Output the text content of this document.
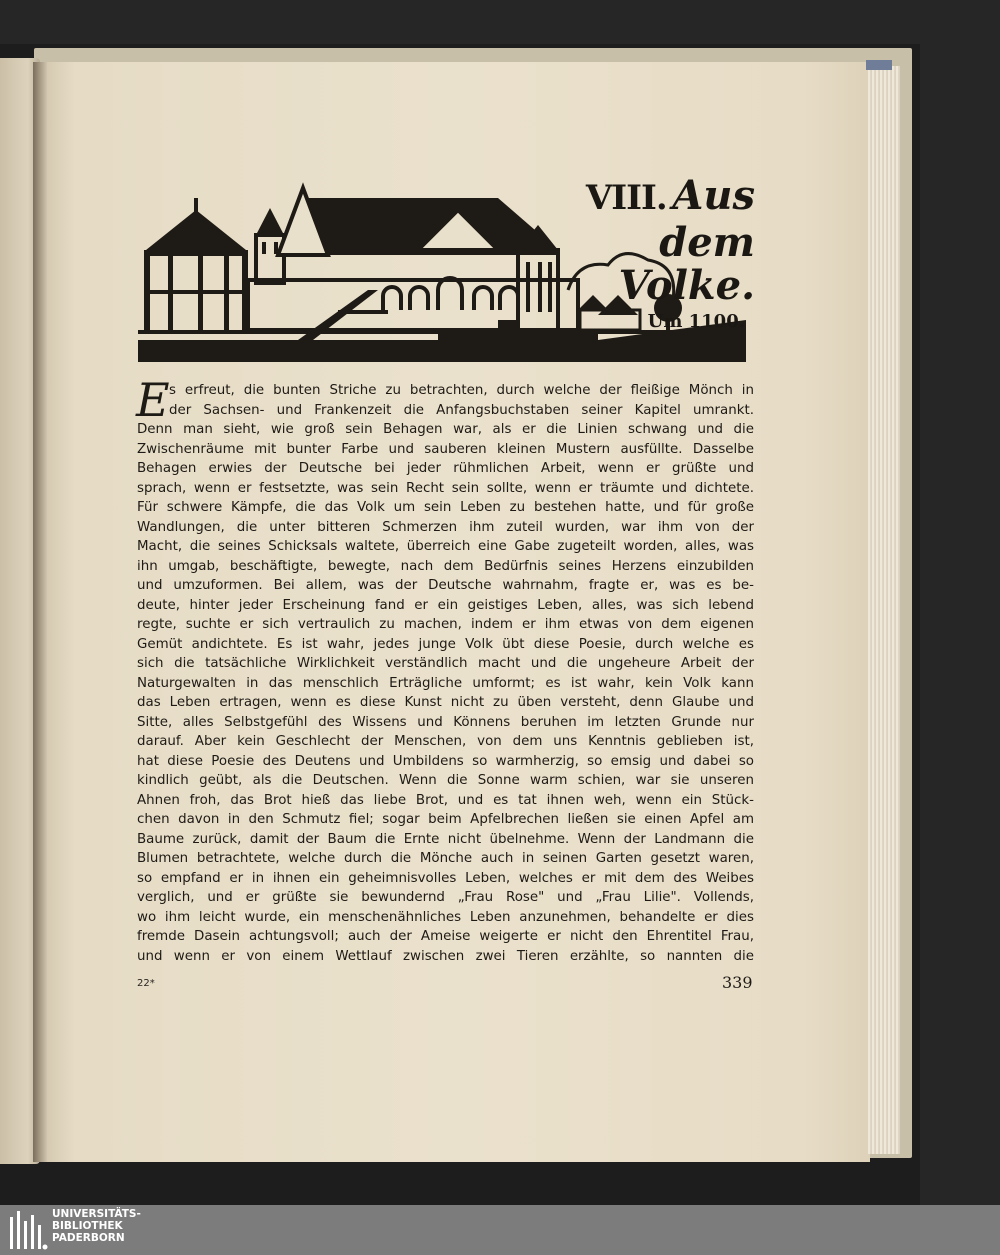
VIII. Aus dem
Volke.
Um 1100.
E s erfreut, die bunten Striche zu betrachten, durch welche der fleißige Mönch in
der Sachsen- und Frankenzeit die Anfangsbuchstaben seiner Kapitel umrankt.
Denn man sieht, wie groß sein Behagen war, als er die Linien schwang und die
Zwischenräume mit bunter Farbe und sauberen kleinen Mustern ausfüllte. Dasselbe
Behagen erwies der Deutsche bei jeder rühmlichen Arbeit, wenn er grüßte und
sprach, wenn er festsetzte, was sein Recht sein sollte, wenn er träumte und dichtete.
Für schwere Kämpfe, die das Volk um sein Leben zu bestehen hatte, und für große
Wandlungen, die unter bitteren Schmerzen ihm zuteil wurden, war ihm von der
Macht, die seines Schicksals waltete, überreich eine Gabe zugeteilt worden, alles, was
ihn umgab, beschäftigte, bewegte, nach dem Bedürfnis seines Herzens einzubilden
und umzuformen. Bei allem, was der Deutsche wahrnahm, fragte er, was es be-
deute, hinter jeder Erscheinung fand er ein geistiges Leben, alles, was sich lebend
regte, suchte er sich vertraulich zu machen, indem er ihm etwas von dem eigenen
Gemüt andichtete. Es ist wahr, jedes junge Volk übt diese Poesie, durch welche es
sich die tatsächliche Wirklichkeit verständlich macht und die ungeheure Arbeit der
Naturgewalten in das menschlich Erträgliche umformt; es ist wahr, kein Volk kann
das Leben ertragen, wenn es diese Kunst nicht zu üben versteht, denn Glaube und
Sitte, alles Selbstgefühl des Wissens und Könnens beruhen im letzten Grunde nur
darauf. Aber kein Geschlecht der Menschen, von dem uns Kenntnis geblieben ist,
hat diese Poesie des Deutens und Umbildens so warmherzig, so emsig und dabei so
kindlich geübt, als die Deutschen. Wenn die Sonne warm schien, war sie unseren
Ahnen froh, das Brot hieß das liebe Brot, und es tat ihnen weh, wenn ein Stück-
chen davon in den Schmutz fiel; sogar beim Apfelbrechen ließen sie einen Apfel am
Baume zurück, damit der Baum die Ernte nicht übelnehme. Wenn der Landmann die
Blumen betrachtete, welche durch die Mönche auch in seinen Garten gesetzt waren,
so empfand er in ihnen ein geheimnisvolles Leben, welches er mit dem des Weibes
verglich, und er grüßte sie bewundernd „Frau Rose" und „Frau Lilie". Vollends,
wo ihm leicht wurde, ein menschenähnliches Leben anzunehmen, behandelte er dies
fremde Dasein achtungsvoll; auch der Ameise weigerte er nicht den Ehrentitel Frau,
und wenn er von einem Wettlauf zwischen zwei Tieren erzählte, so nannten die
22*	339
UNIVERSITÄTS-
BIBLIOTHEK
PADERBORN
